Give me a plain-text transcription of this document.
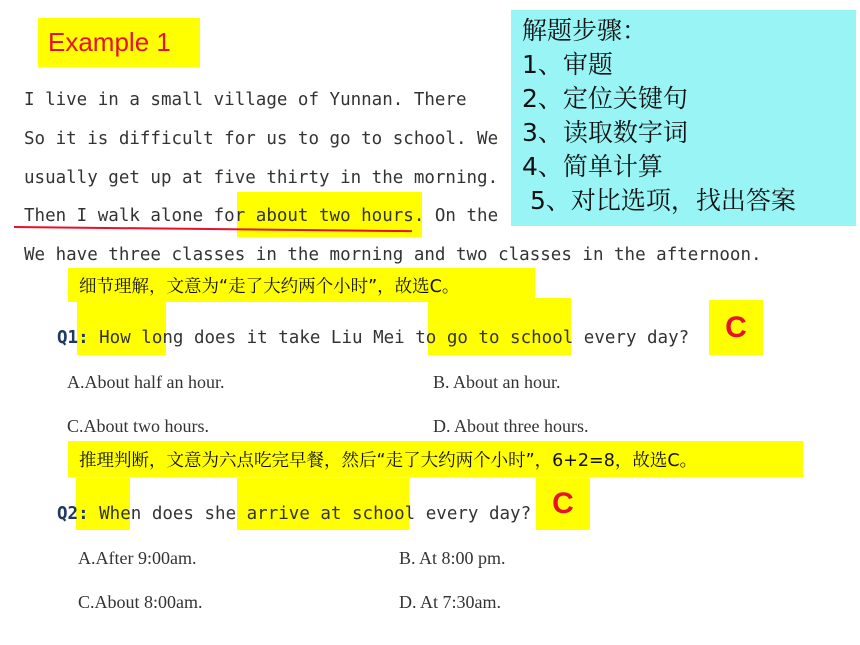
Example 1
I live in a small village of Yunnan. There
So it is difficult for us to go to school. We
usually get up at five thirty in the morning.
Then I walk alone for about two hours. On the
We have three classes in the morning and two classes in the afternoon.
解题步骤：
1、审题
2、定位关键句
3、读取数字词
4、简单计算
5、对比选项，找出答案
细节理解，文意为“走了大约两个小时”，故选C。
Q1: How long does it take Liu Mei to go to school every day?	C
A.About half an hour.	B. About an hour.
C.About two hours.	D. About three hours.
推理判断，文意为六点吃完早餐，然后“走了大约两个小时”，6+2=8，故选C。
Q2: When does she arrive at school every day? C
A.After 9:00am.	B. At 8:00 pm.
C.About 8:00am.	D. At 7:30am.
